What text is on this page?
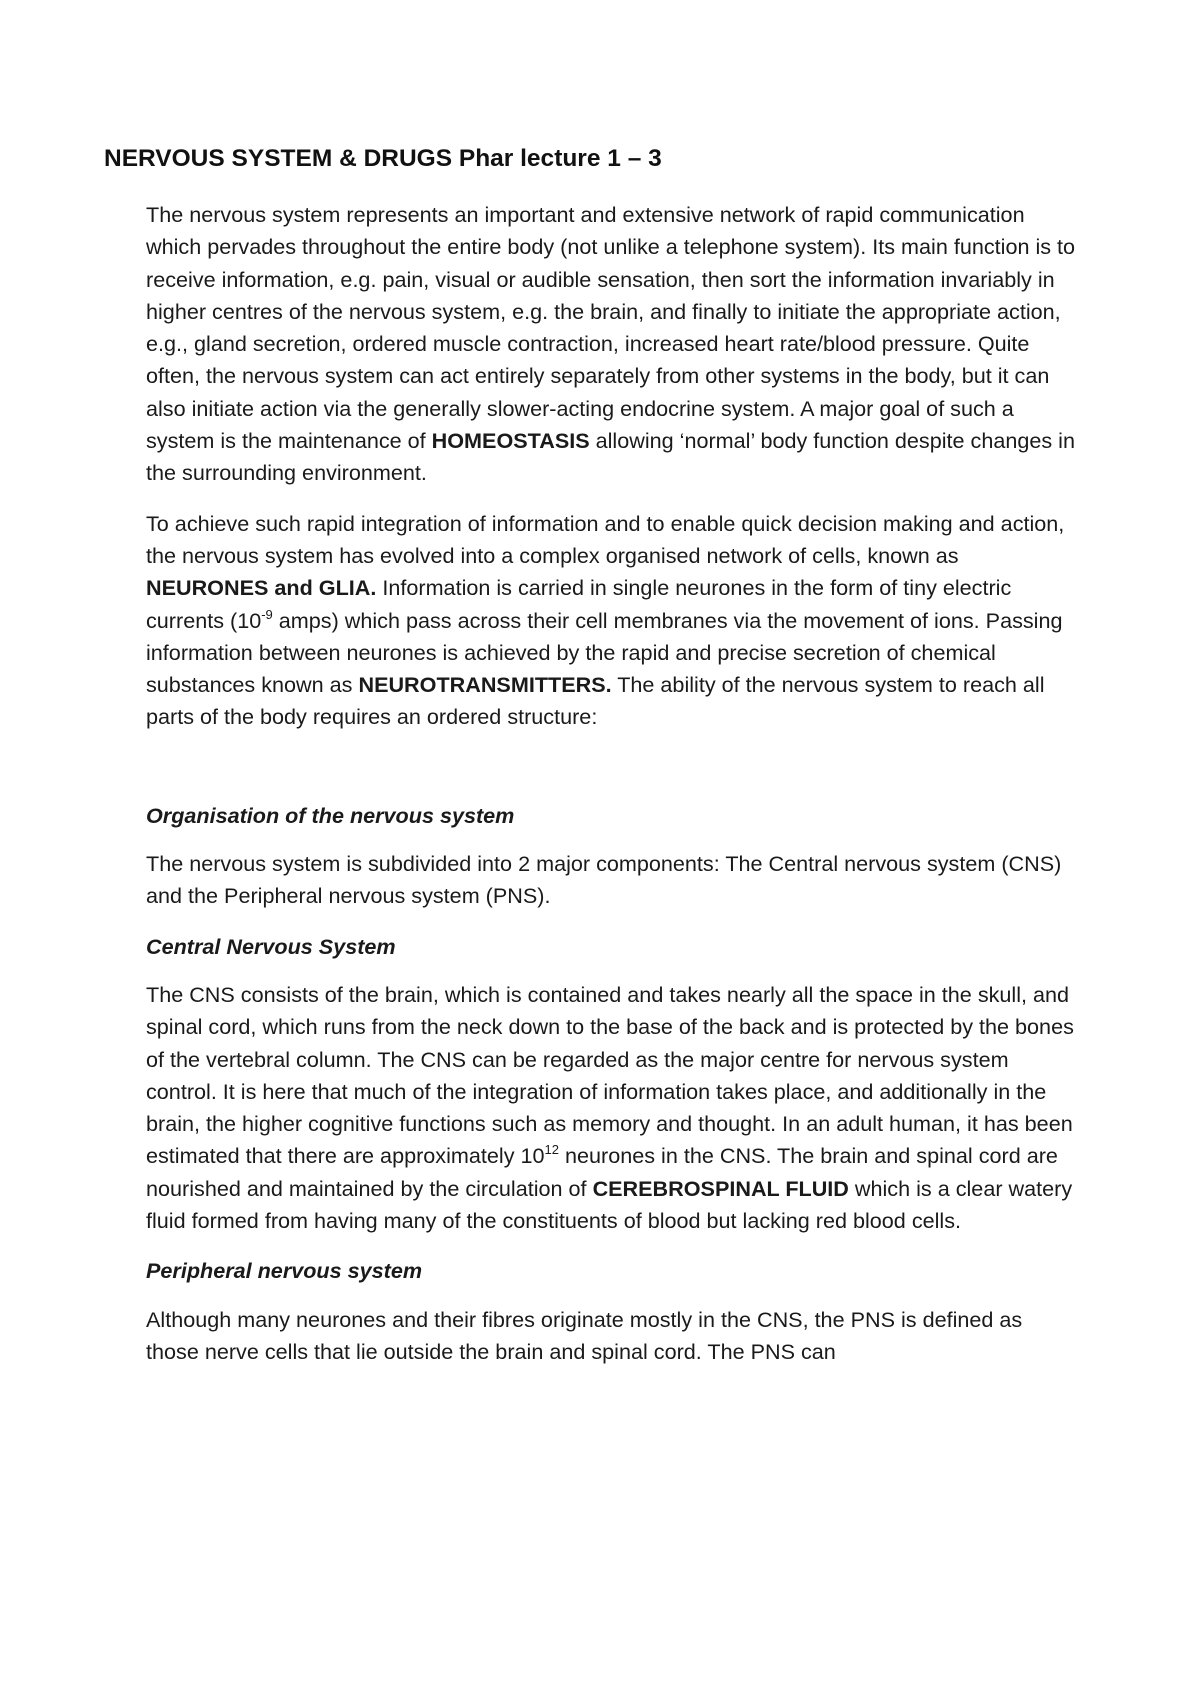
NERVOUS SYSTEM & DRUGS Phar lecture 1 – 3

The nervous system represents an important and extensive network of rapid communication which pervades throughout the entire body (not unlike a telephone system). Its main function is to receive information, e.g. pain, visual or audible sensation, then sort the information invariably in higher centres of the nervous system, e.g. the brain, and finally to initiate the appropriate action, e.g., gland secretion, ordered muscle contraction, increased heart rate/blood pressure. Quite often, the nervous system can act entirely separately from other systems in the body, but it can also initiate action via the generally slower-acting endocrine system. A major goal of such a system is the maintenance of HOMEOSTASIS allowing ‘normal’ body function despite changes in the surrounding environment.

To achieve such rapid integration of information and to enable quick decision making and action, the nervous system has evolved into a complex organised network of cells, known as NEURONES and GLIA. Information is carried in single neurones in the form of tiny electric currents ($10^{-9}$ amps) which pass across their cell membranes via the movement of ions. Passing information between neurones is achieved by the rapid and precise secretion of chemical substances known as NEUROTRANSMITTERS. The ability of the nervous system to reach all parts of the body requires an ordered structure:

Organisation of the nervous system

The nervous system is subdivided into 2 major components: The Central nervous system (CNS) and the Peripheral nervous system (PNS).

Central Nervous System

The CNS consists of the brain, which is contained and takes nearly all the space in the skull, and spinal cord, which runs from the neck down to the base of the back and is protected by the bones of the vertebral column. The CNS can be regarded as the major centre for nervous system control. It is here that much of the integration of information takes place, and additionally in the brain, the higher cognitive functions such as memory and thought. In an adult human, it has been estimated that there are approximately $10^{12}$ neurones in the CNS. The brain and spinal cord are nourished and maintained by the circulation of CEREBROSPINAL FLUID which is a clear watery fluid formed from having many of the constituents of blood but lacking red blood cells.

Peripheral nervous system

Although many neurones and their fibres originate mostly in the CNS, the PNS is defined as those nerve cells that lie outside the brain and spinal cord. The PNS can
